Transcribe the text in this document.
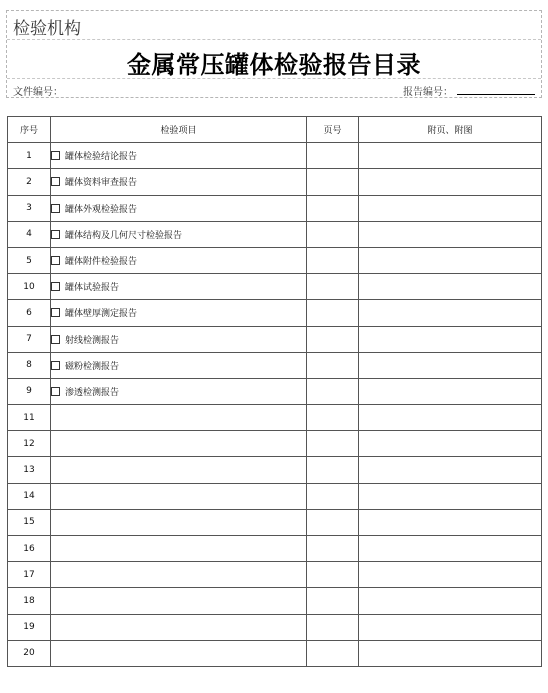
检验机构
金属常压罐体检验报告目录
文件编号：	报告编号：
序号	检验项目	页号	附页、附图
1	罐体检验结论报告		
2	罐体资料审查报告		
3	罐体外观检验报告		
4	罐体结构及几何尺寸检验报告		
5	罐体附件检验报告		
10	罐体试验报告		
6	罐体壁厚测定报告		
7	射线检测报告		
8	磁粉检测报告		
9	渗透检测报告		
11			
12			
13			
14			
15			
16			
17			
18			
19			
20			
